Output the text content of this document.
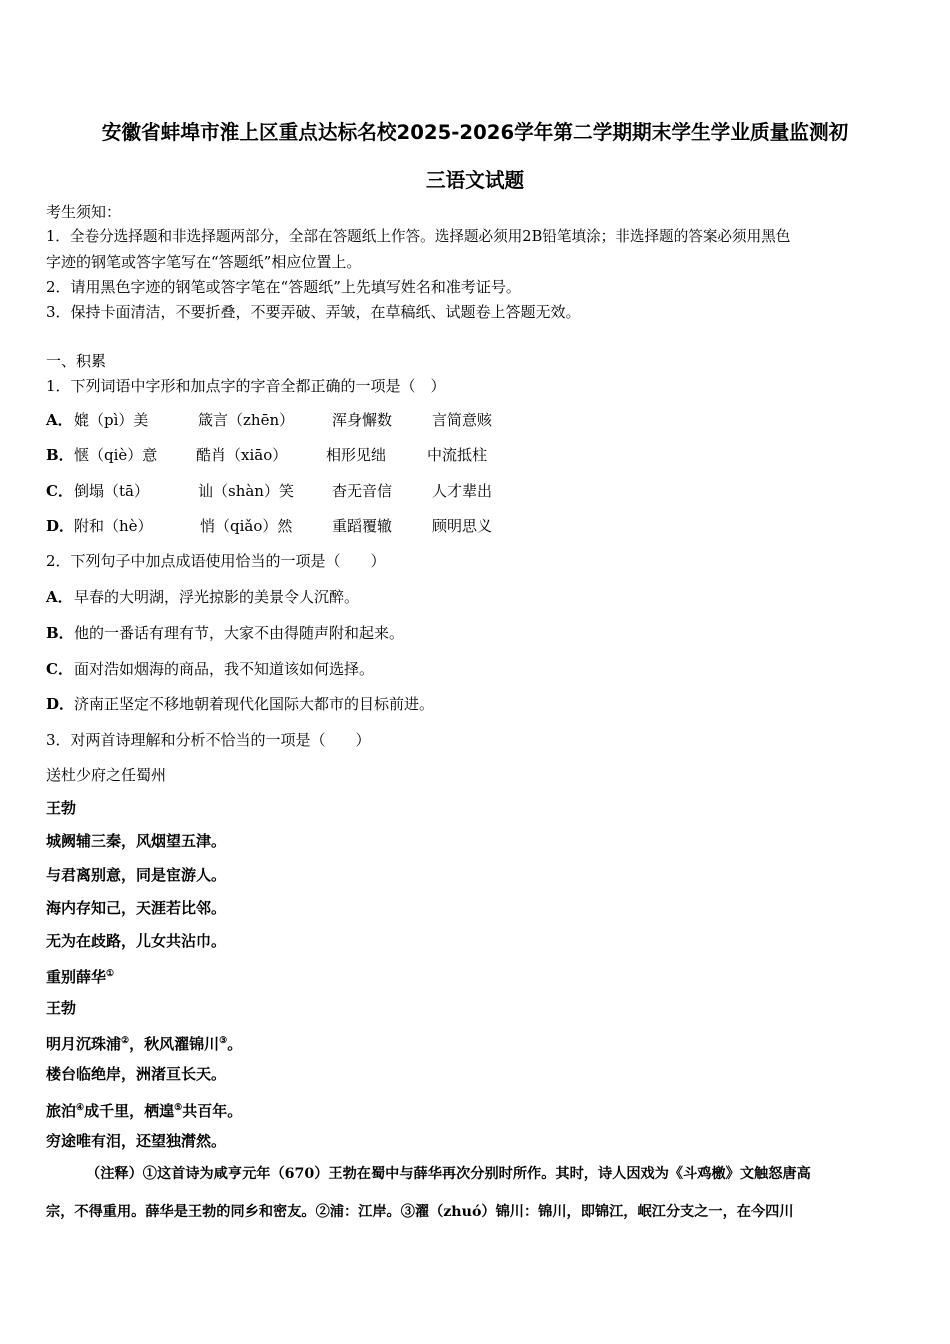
安徽省蚌埠市淮上区重点达标名校2025-2026学年第二学期期末学生学业质量监测初
三语文试题
考生须知：
1．全卷分选择题和非选择题两部分，全部在答题纸上作答。选择题必须用2B铅笔填涂；非选择题的答案必须用黑色
字迹的钢笔或答字笔写在“答题纸”相应位置上。
2．请用黑色字迹的钢笔或答字笔在“答题纸”上先填写姓名和准考证号。
3．保持卡面清洁，不要折叠，不要弄破、弄皱，在草稿纸、试题卷上答题无效。
一、积累
1．下列词语中字形和加点字的字音全都正确的一项是（　）
A． 媲（pì）美	箴言（zhēn）	浑身懈数	言简意赅
B． 惬（qiè）意	酷肖（xiāo）	相形见绌	中流抵柱
C． 倒塌（tā）	讪（shàn）笑	杳无音信	人才辈出
D． 附和（hè）	悄（qiǎo）然	重蹈覆辙	顾明思义
2．下列句子中加点成语使用恰当的一项是（　　）
A． 早春的大明湖，浮光掠影的美景令人沉醉。
B． 他的一番话有理有节，大家不由得随声附和起来。
C． 面对浩如烟海的商品，我不知道该如何选择。
D． 济南正坚定不移地朝着现代化国际大都市的目标前进。
3．对两首诗理解和分析不恰当的一项是（　　）
送杜少府之任蜀州
王勃
城阙辅三秦，风烟望五津。
与君离别意，同是宦游人。
海内存知己，天涯若比邻。
无为在歧路，儿女共沾巾。
重别薛华①
王勃
明月沉珠浦②，秋风濯锦川③。
楼台临绝岸，洲渚亘长天。
旅泊④成千里，栖遑⑤共百年。
穷途唯有泪，还望独潸然。
（注释）①这首诗为咸亨元年（670）王勃在蜀中与薛华再次分别时所作。其时，诗人因戏为《斗鸡檄》文触怒唐高
宗，不得重用。薛华是王勃的同乡和密友。②浦：江岸。③濯（zhuó）锦川：锦川，即锦江，岷江分支之一，在今四川
